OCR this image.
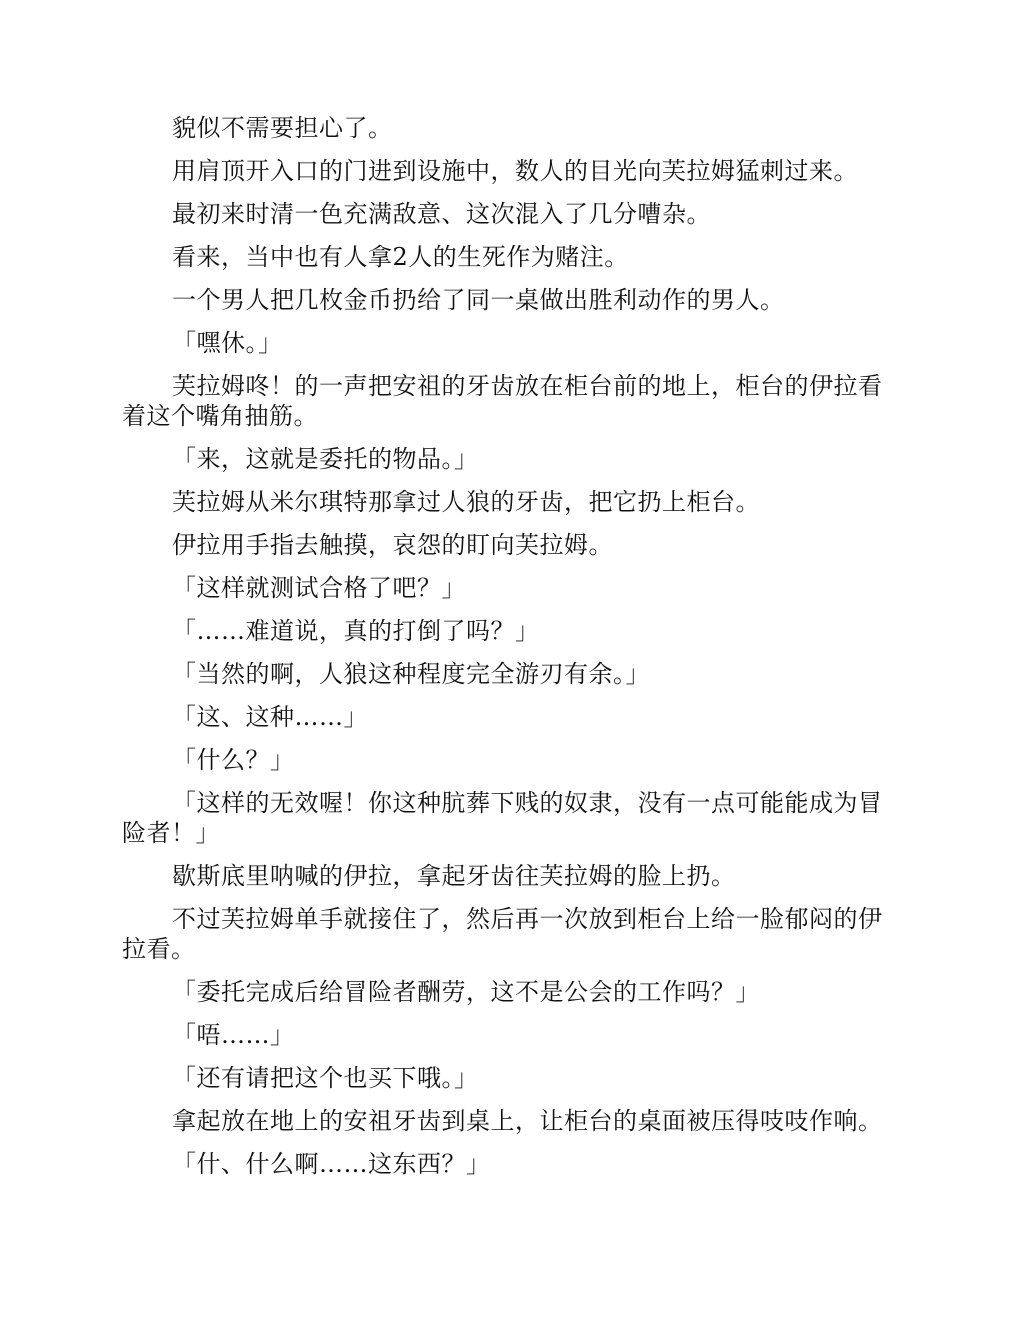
貌似不需要担心了。

用肩顶开入口的门进到设施中，数人的目光向芙拉姆猛刺过来。

最初来时清一色充满敌意、这次混入了几分嘈杂。

看来，当中也有人拿2人的生死作为赌注。

一个男人把几枚金币扔给了同一桌做出胜利动作的男人。

「嘿休。」

芙拉姆咚！的一声把安祖的牙齿放在柜台前的地上，柜台的伊拉看着这个嘴角抽筋。

「来，这就是委托的物品。」

芙拉姆从米尔琪特那拿过人狼的牙齿，把它扔上柜台。

伊拉用手指去触摸，哀怨的盯向芙拉姆。

「这样就测试合格了吧？」

「……难道说，真的打倒了吗？」

「当然的啊，人狼这种程度完全游刃有余。」

「这、这种……」

「什么？」

「这样的无效喔！你这种肮葬下贱的奴隶，没有一点可能能成为冒险者！」

歇斯底里呐喊的伊拉，拿起牙齿往芙拉姆的脸上扔。

不过芙拉姆单手就接住了，然后再一次放到柜台上给一脸郁闷的伊拉看。

「委托完成后给冒险者酬劳，这不是公会的工作吗？」

「唔……」

「还有请把这个也买下哦。」

拿起放在地上的安祖牙齿到桌上，让柜台的桌面被压得吱吱作响。

「什、什么啊……这东西？」
